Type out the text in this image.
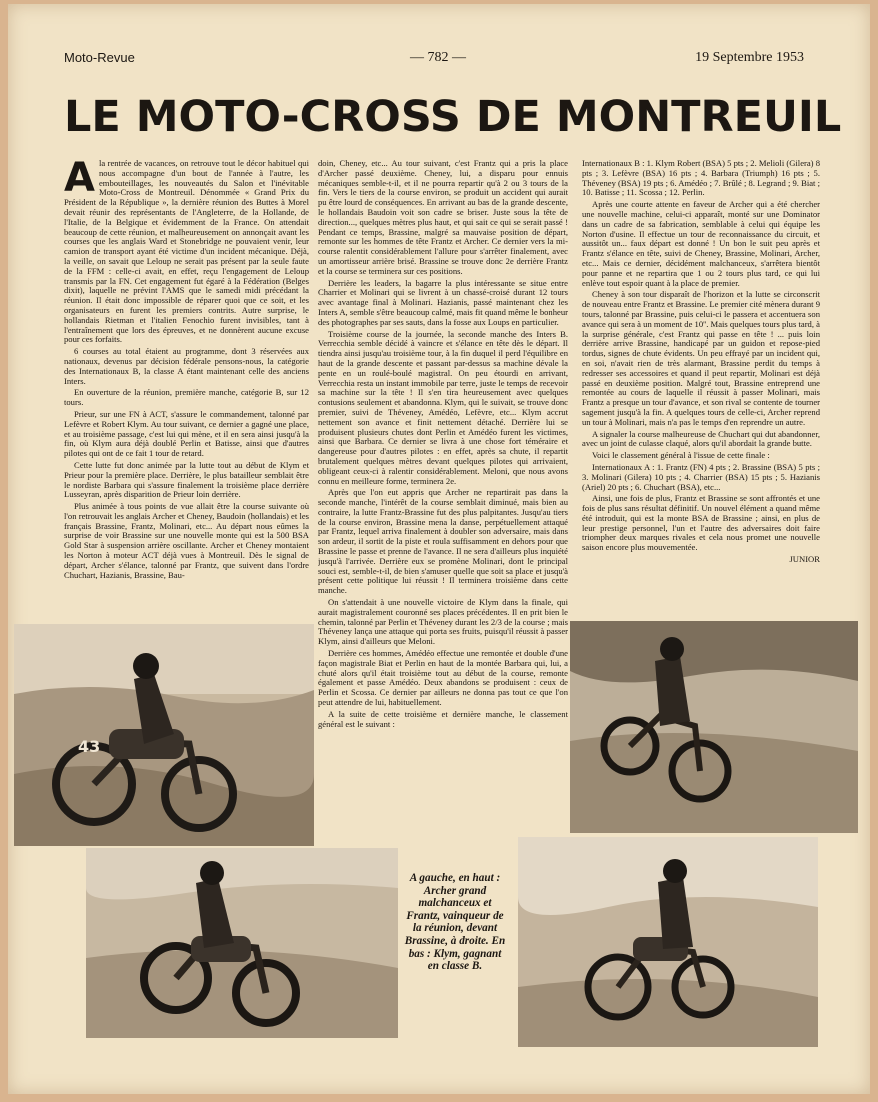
Moto-Revue	— 782 —	19 Septembre 1953
LE MOTO-CROSS DE MONTREUIL

Ala rentrée de vacances, on retrouve tout le décor habituel qui nous accompagne d'un bout de l'année à l'autre, les embouteillages, les nouveautés du Salon et l'inévitable Moto-Cross de Montreuil. Dénommée « Grand Prix du Président de la République », la dernière réunion des Buttes à Morel devait réunir des représentants de l'Angleterre, de la Hollande, de l'Italie, de la Belgique et évidemment de la France. On attendait beaucoup de cette réunion, et malheureusement on annonçait avant les courses que les anglais Ward et Stonebridge ne pouvaient venir, leur camion de transport ayant été victime d'un incident mécanique. Déjà, la veille, on savait que Leloup ne serait pas présent par la seule faute de la FFM : celle-ci avait, en effet, reçu l'engagement de Leloup transmis par la FN. Cet engagement fut égaré à la Fédération (Belges dixit), laquelle ne prévint l'AMS que le samedi midi précédant la réunion. Il était donc impossible de réparer quoi que ce soit, et les organisateurs en furent les premiers contrits. Autre surprise, le hollandais Rietman et l'italien Fenochio furent invisibles, tant à l'entraînement que lors des épreuves, et ne donnèrent aucune excuse pour ces forfaits.

6 courses au total étaient au programme, dont 3 réservées aux nationaux, devenus par décision fédérale pensons-nous, la catégorie des Internationaux B, la classe A étant maintenant celle des anciens Inters.

En ouverture de la réunion, première manche, catégorie B, sur 12 tours.

Prieur, sur une FN à ACT, s'assure le commandement, talonné par Lefèvre et Robert Klym. Au tour suivant, ce dernier a gagné une place, et au troisième passage, c'est lui qui mène, et il en sera ainsi jusqu'à la fin, où Klym aura déjà doublé Perlin et Batisse, ainsi que d'autres pilotes qui ont de ce fait 1 tour de retard.

Cette lutte fut donc animée par la lutte tout au début de Klym et Prieur pour la première place. Derrière, le plus batailleur semblait être le nordiste Barbara qui s'assure finalement la troisième place derrière Lusseyran, après disparition de Prieur loin derrière.

Plus animée à tous points de vue allait être la course suivante où l'on retrouvait les anglais Archer et Cheney, Baudoin (hollandais) et les français Brassine, Frantz, Molinari, etc... Au départ nous eûmes la surprise de voir Brassine sur une nouvelle monte qui est la 500 BSA Gold Star à suspension arrière oscillante. Archer et Cheney montaient les Norton à moteur ACT déjà vues à Montreuil. Dès le signal de départ, Archer s'élance, talonné par Frantz, que suivent dans l'ordre Chuchart, Hazianis, Brassine, Bau-

doin, Cheney, etc... Au tour suivant, c'est Frantz qui a pris la place d'Archer passé deuxième. Cheney, lui, a disparu pour ennuis mécaniques semble-t-il, et il ne pourra repartir qu'à 2 ou 3 tours de la fin. Vers le tiers de la course environ, se produit un accident qui aurait pu être lourd de conséquences. En arrivant au bas de la grande descente, le hollandais Baudoin voit son cadre se briser. Juste sous la tête de direction..., quelques mètres plus haut, et qui sait ce qui se serait passé ! Pendant ce temps, Brassine, malgré sa mauvaise position de départ, remonte sur les hommes de tête Frantz et Archer. Ce dernier vers la mi-course ralentit considérablement l'allure pour s'arrêter finalement, avec un amortisseur arrière brisé. Brassine se trouve donc 2e derrière Frantz et la course se terminera sur ces positions.

Derrière les leaders, la bagarre la plus intéressante se situe entre Charrier et Molinari qui se livrent à un chassé-croisé durant 12 tours avec avantage final à Molinari. Hazianis, passé maintenant chez les Inters A, semble s'être beaucoup calmé, mais fit quand même le bonheur des photographes par ses sauts, dans la fosse aux Loups en particulier.

Troisième course de la journée, la seconde manche des Inters B. Verrecchia semble décidé à vaincre et s'élance en tête dès le départ. Il tiendra ainsi jusqu'au troisième tour, à la fin duquel il perd l'équilibre en haut de la grande descente et passant par-dessus sa machine dévale la pente en un roulé-boulé magistral. On peu étourdi en arrivant, Verrecchia resta un instant immobile par terre, juste le temps de recevoir sa machine sur la tête ! Il s'en tira heureusement avec quelques contusions seulement et abandonna. Klym, qui le suivait, se trouve donc premier, suivi de Théveney, Amédéo, Lefèvre, etc... Klym accrut nettement son avance et finit nettement détaché. Derrière lui se produisent plusieurs chutes dont Perlin et Amédéo furent les victimes, ainsi que Barbara. Ce dernier se livra à une chose fort téméraire et dangereuse pour d'autres pilotes : en effet, après sa chute, il repartit brutalement quelques mètres devant quelques pilotes qui arrivaient, obligeant ceux-ci à ralentir considérablement. Meloni, que nous avons connu en meilleure forme, terminera 2e.

Après que l'on eut appris que Archer ne repartirait pas dans la seconde manche, l'intérêt de la course semblait diminué, mais bien au contraire, la lutte Frantz-Brassine fut des plus palpitantes. Jusqu'au tiers de la course environ, Brassine mena la danse, perpétuellement attaqué par Frantz, lequel arriva finalement à doubler son adversaire, mais dans son ardeur, il sortit de la piste et roula suffisamment en dehors pour que Brassine le passe et prenne de l'avance. Il ne sera d'ailleurs plus inquiété jusqu'à l'arrivée. Derrière eux se promène Molinari, dont le principal souci est, semble-t-il, de bien s'amuser quelle que soit sa place et jusqu'à présent cette politique lui réussit ! Il terminera troisième dans cette manche.

On s'attendait à une nouvelle victoire de Klym dans la finale, qui aurait magistralement couronné ses places précédentes. Il en prit bien le chemin, talonné par Perlin et Théveney durant les 2/3 de la course ; mais Théveney lança une attaque qui porta ses fruits, puisqu'il réussit à passer Klym, ainsi d'ailleurs que Meloni.

Derrière ces hommes, Amédéo effectue une remontée et double d'une façon magistrale Biat et Perlin en haut de la montée Barbara qui, lui, a chuté alors qu'il était troisième tout au début de la course, remonte également et passe Amédéo. Deux abandons se produisent : ceux de Perlin et Scossa. Ce dernier par ailleurs ne donna pas tout ce que l'on peut attendre de lui, habituellement.

A la suite de cette troisième et dernière manche, le classement général est le suivant :

Internationaux B : 1. Klym Robert (BSA) 5 pts ; 2. Melioli (Gilera) 8 pts ; 3. Lefèvre (BSA) 16 pts ; 4. Barbara (Triumph) 16 pts ; 5. Théveney (BSA) 19 pts ; 6. Amédéo ; 7. Brûlé ; 8. Legrand ; 9. Biat ; 10. Batisse ; 11. Scossa ; 12. Perlin.

Après une courte attente en faveur de Archer qui a été chercher une nouvelle machine, celui-ci apparaît, monté sur une Dominator dans un cadre de sa fabrication, semblable à celui qui équipe les Norton d'usine. Il effectue un tour de reconnaissance du circuit, et aussitôt un... faux départ est donné ! Un bon le suit peu après et Frantz s'élance en tête, suivi de Cheney, Brassine, Molinari, Archer, etc... Mais ce dernier, décidément malchanceux, s'arrêtera bientôt pour panne et ne repartira que 1 ou 2 tours plus tard, ce qui lui enlève tout espoir quant à la place de premier.

Cheney à son tour disparaît de l'horizon et la lutte se circonscrit de nouveau entre Frantz et Brassine. Le premier cité mènera durant 9 tours, talonné par Brassine, puis celui-ci le passera et accentuera son avance qui sera à un moment de 10''. Mais quelques tours plus tard, à la surprise générale, c'est Frantz qui passe en tête ! ... puis loin derrière arrive Brassine, handicapé par un guidon et repose-pied tordus, signes de chute évidents. Un peu effrayé par un incident qui, en soi, n'avait rien de très alarmant, Brassine perdit du temps à redresser ses accessoires et quand il peut repartir, Molinari est déjà passé en deuxième position. Malgré tout, Brassine entreprend une remontée au cours de laquelle il réussit à passer Molinari, mais Frantz a presque un tour d'avance, et son rival se contente de tourner sagement jusqu'à la fin. A quelques tours de celle-ci, Archer reprend un tour à Molinari, mais n'a pas le temps d'en reprendre un autre.

A signaler la course malheureuse de Chuchart qui dut abandonner, avec un joint de culasse claqué, alors qu'il abordait la grande butte.

Voici le classement général à l'issue de cette finale :

Internationaux A : 1. Frantz (FN) 4 pts ; 2. Brassine (BSA) 5 pts ; 3. Molinari (Gilera) 10 pts ; 4. Charrier (BSA) 15 pts ; 5. Hazianis (Ariel) 20 pts ; 6. Chuchart (BSA), etc...

Ainsi, une fois de plus, Frantz et Brassine se sont affrontés et une fois de plus sans résultat définitif. Un nouvel élément a quand même été introduit, qui est la monte BSA de Brassine ; ainsi, en plus de leur prestige personnel, l'un et l'autre des adversaires doit faire triompher deux marques rivales et cela nous promet une nouvelle saison encore plus mouvementée.

JUNIOR
43
A gauche, en haut : Archer grand malchanceux et Frantz, vainqueur de la réunion, devant Brassine, à droite. En bas : Klym, gagnant en classe B.
